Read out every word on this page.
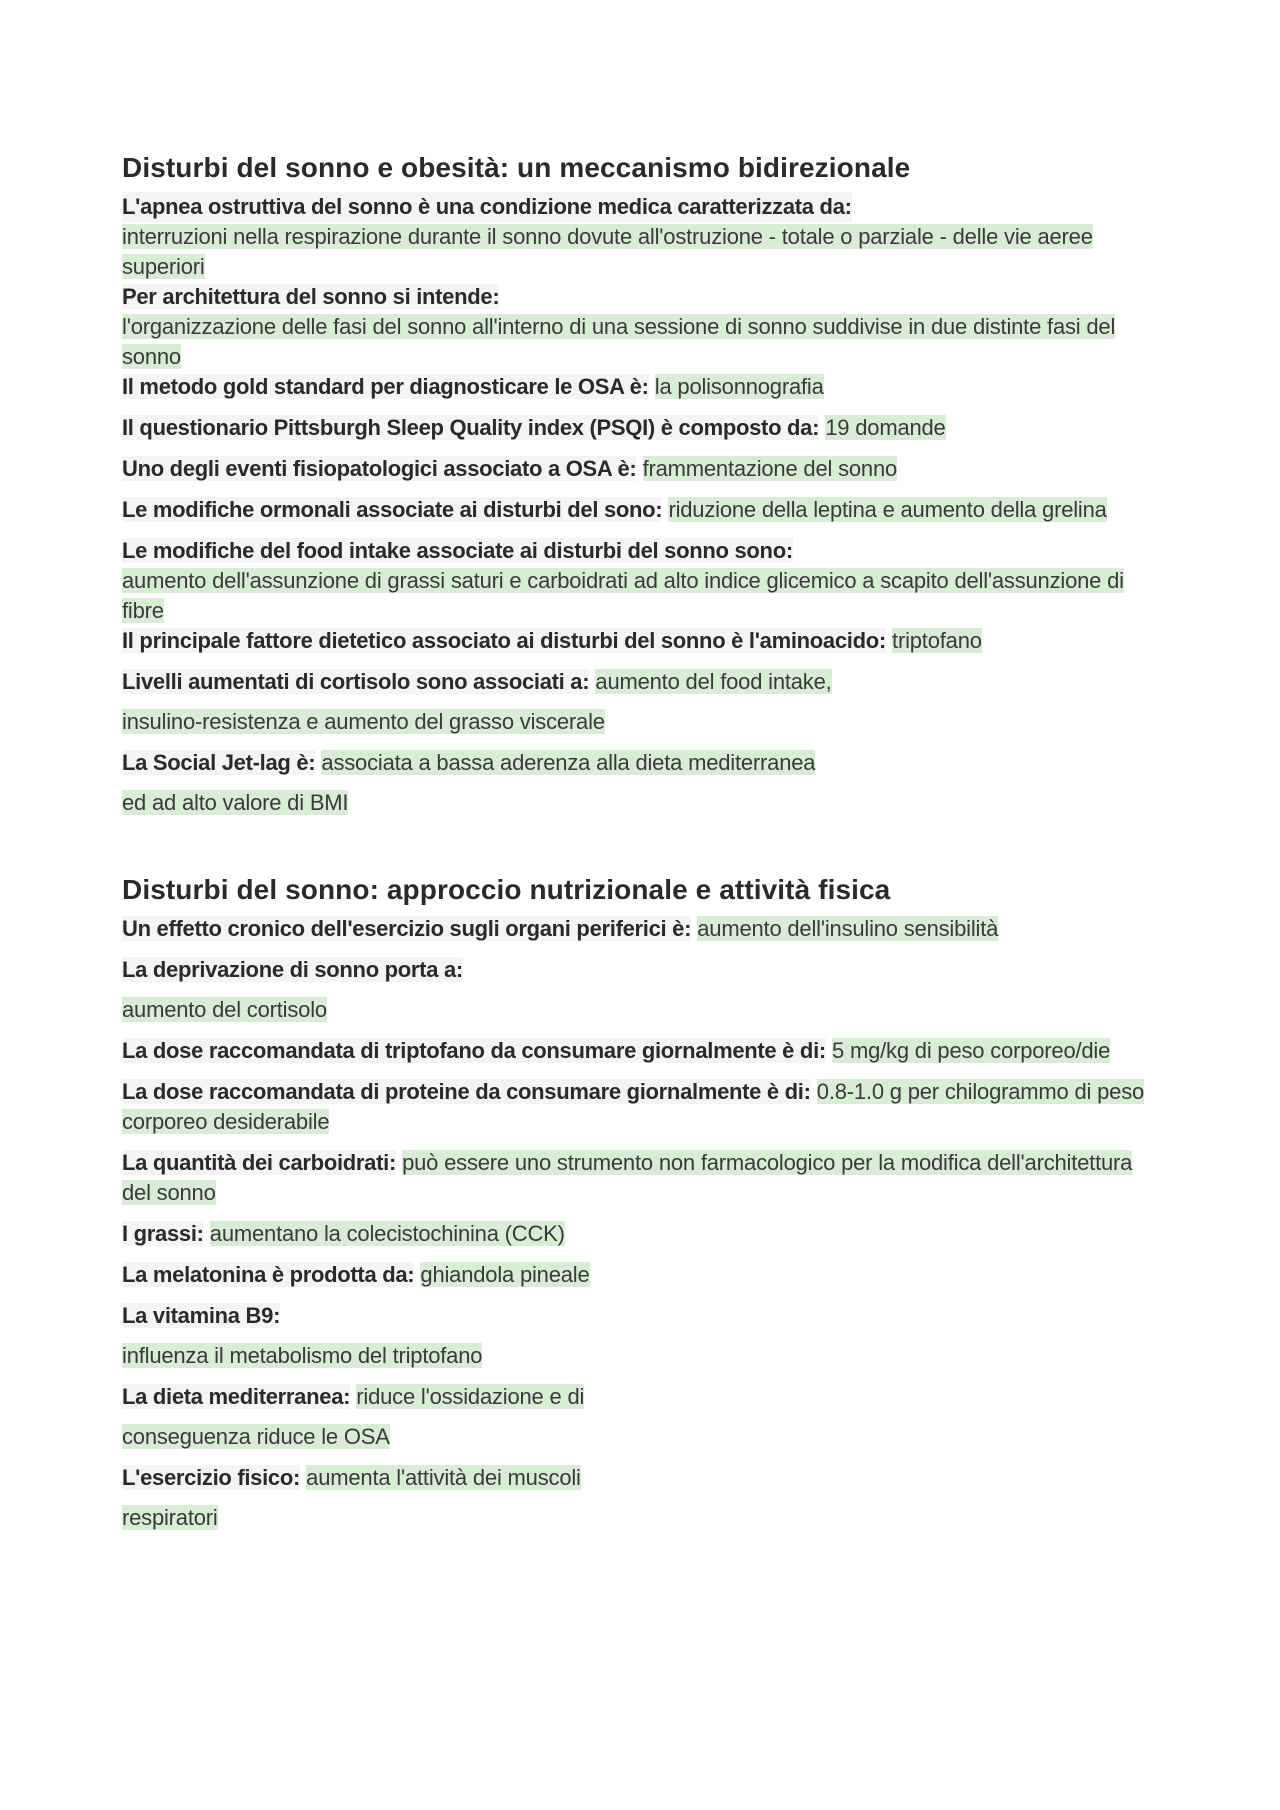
Disturbi del sonno e obesità: un meccanismo bidirezionale
L'apnea ostruttiva del sonno è una condizione medica caratterizzata da:
interruzioni nella respirazione durante il sonno dovute all'ostruzione - totale o parziale - delle vie aeree superiori
Per architettura del sonno si intende:
l'organizzazione delle fasi del sonno all'interno di una sessione di sonno suddivise in due distinte fasi del sonno
Il metodo gold standard per diagnosticare le OSA è: la polisonnografia
Il questionario Pittsburgh Sleep Quality index (PSQI) è composto da: 19 domande
Uno degli eventi fisiopatologici associato a OSA è: frammentazione del sonno
Le modifiche ormonali associate ai disturbi del sono: riduzione della leptina e aumento della grelina
Le modifiche del food intake associate ai disturbi del sonno sono:
aumento dell'assunzione di grassi saturi e carboidrati ad alto indice glicemico a scapito dell'assunzione di fibre
Il principale fattore dietetico associato ai disturbi del sonno è l'aminoacido: triptofano
Livelli aumentati di cortisolo sono associati a: aumento del food intake,
insulino-resistenza e aumento del grasso viscerale
La Social Jet-lag è: associata a bassa aderenza alla dieta mediterranea
ed ad alto valore di BMI
Disturbi del sonno: approccio nutrizionale e attività fisica
Un effetto cronico dell'esercizio sugli organi periferici è: aumento dell'insulino sensibilità
La deprivazione di sonno porta a:
aumento del cortisolo
La dose raccomandata di triptofano da consumare giornalmente è di: 5 mg/kg di peso corporeo/die
La dose raccomandata di proteine da consumare giornalmente è di: 0.8-1.0 g per chilogrammo di peso corporeo desiderabile
La quantità dei carboidrati: può essere uno strumento non farmacologico per la modifica dell'architettura del sonno
I grassi: aumentano la colecistochinina (CCK)
La melatonina è prodotta da: ghiandola pineale
La vitamina B9:
influenza il metabolismo del triptofano
La dieta mediterranea: riduce l'ossidazione e di
conseguenza riduce le OSA
L'esercizio fisico: aumenta l'attività dei muscoli
respiratori
